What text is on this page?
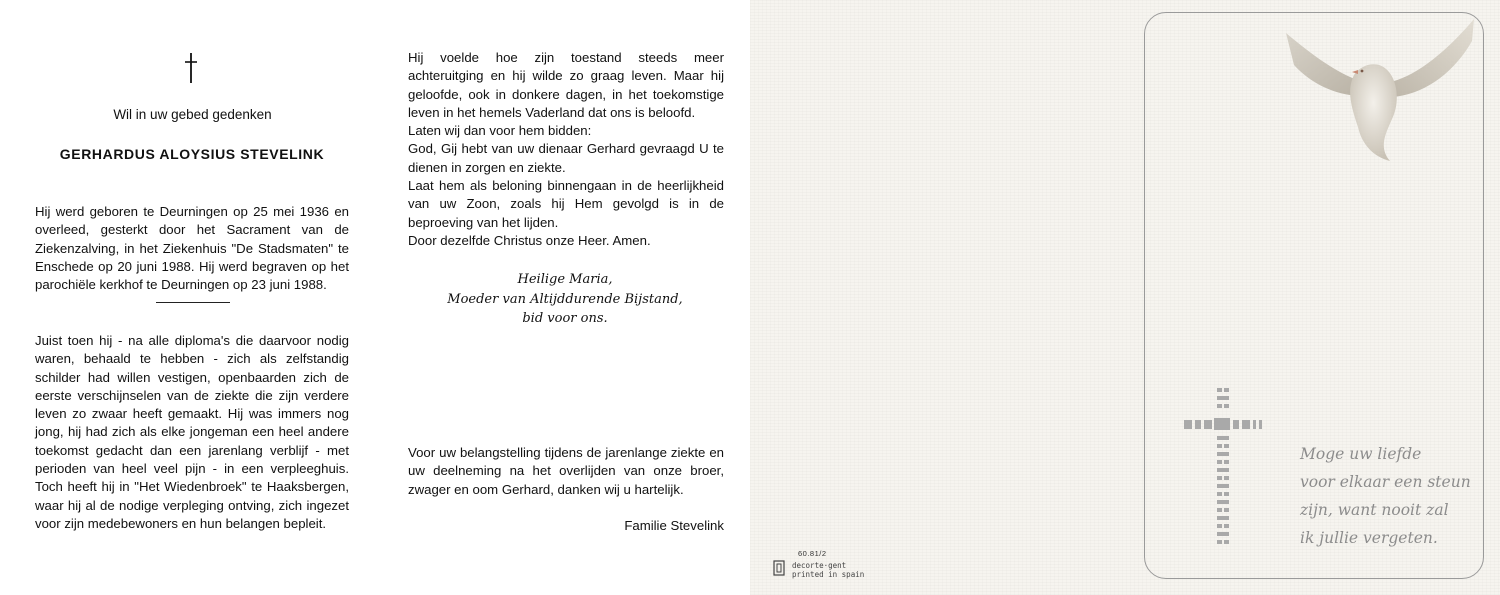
Wil in uw gebed gedenken
GERHARDUS ALOYSIUS STEVELINK
Hij werd geboren te Deurningen op 25 mei 1936 en overleed, gesterkt door het Sacrament van de Ziekenzalving, in het Ziekenhuis "De Stadsmaten" te Enschede op 20 juni 1988. Hij werd begraven op het parochiële kerkhof te Deurningen op 23 juni 1988.
Juist toen hij - na alle diploma's die daarvoor nodig waren, behaald te hebben - zich als zelfstandig schilder had willen vestigen, openbaarden zich de eerste verschijnselen van de ziekte die zijn verdere leven zo zwaar heeft gemaakt. Hij was immers nog jong, hij had zich als elke jongeman een heel andere toekomst gedacht dan een jarenlang verblijf - met perioden van heel veel pijn - in een verpleeghuis. Toch heeft hij in "Het Wiedenbroek" te Haaksbergen, waar hij al de nodige verpleging ontving, zich ingezet voor zijn medebewoners en hun belangen bepleit.

Hij voelde hoe zijn toestand steeds meer achteruitging en hij wilde zo graag leven. Maar hij geloofde, ook in donkere dagen, in het toekomstige leven in het hemels Vaderland dat ons is beloofd.

Laten wij dan voor hem bidden:

God, Gij hebt van uw dienaar Gerhard gevraagd U te dienen in zorgen en ziekte.

Laat hem als beloning binnengaan in de heerlijkheid van uw Zoon, zoals hij Hem gevolgd is in de beproeving van het lijden.

Door dezelfde Christus onze Heer. Amen.

Heilige Maria,
Moeder van Altijddurende Bijstand,
bid voor ons.
Voor uw belangstelling tijdens de jarenlange ziekte en uw deelneming na het overlijden van onze broer, zwager en oom Gerhard, danken wij u hartelijk.
Familie Stevelink
60.81/2
decorte·gent
printed in spain
Moge uw liefde
voor elkaar een steun
zijn, want nooit zal
ik jullie vergeten.
